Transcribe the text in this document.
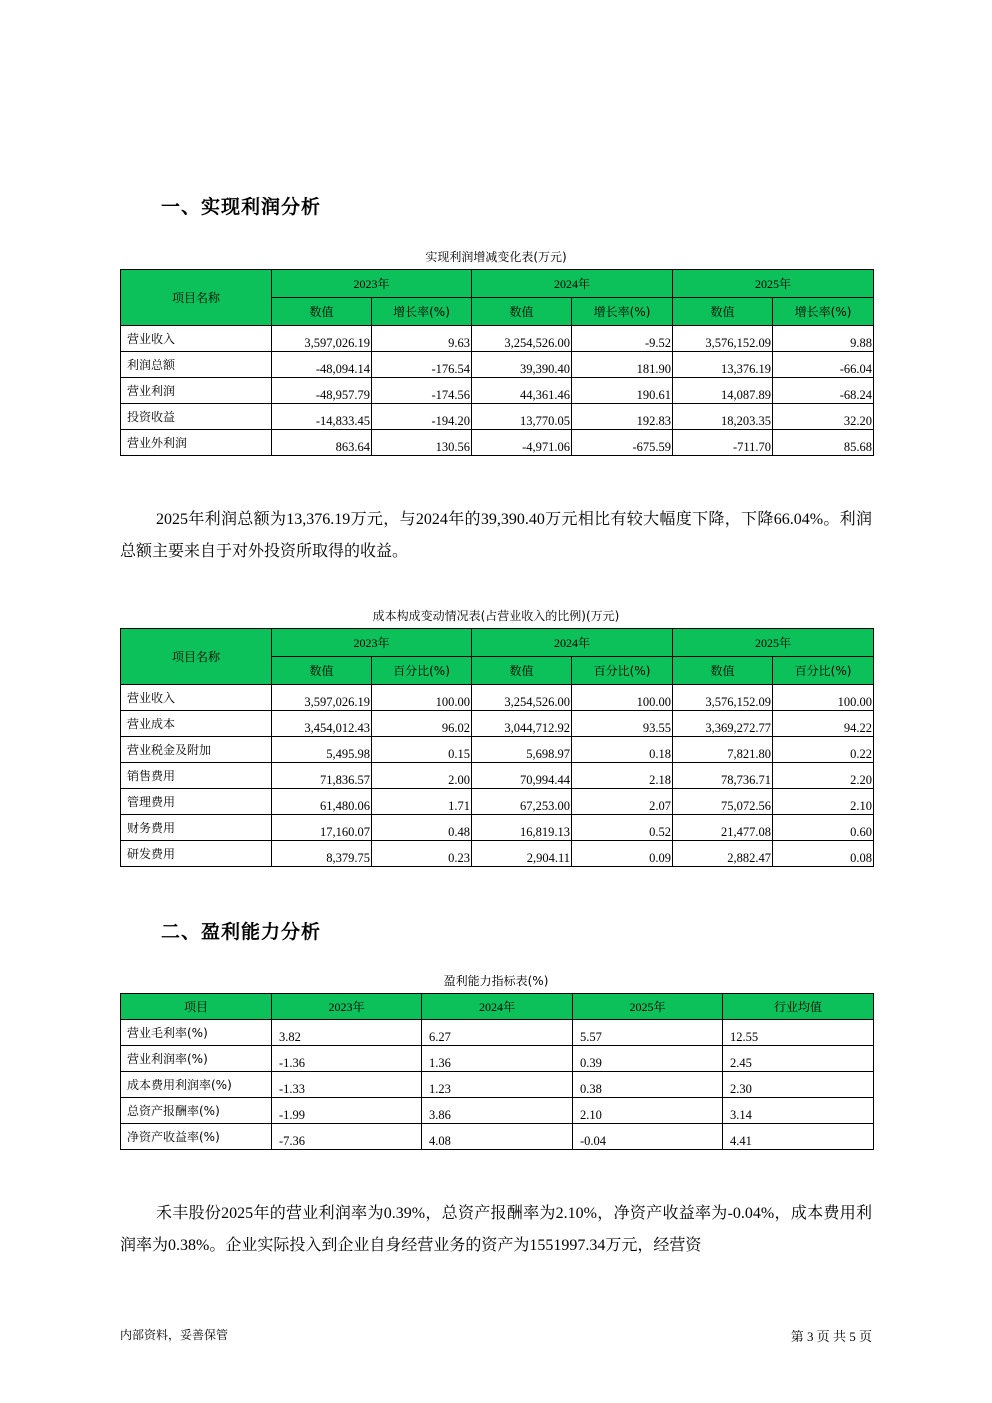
一、实现利润分析
实现利润增减变化表(万元)
项目名称	2023年		2024年		2025年	
	数值	增长率(%)	数值	增长率(%)	数值	增长率(%)
营业收入	3,597,026.19	9.63	3,254,526.00	-9.52	3,576,152.09	9.88
利润总额	-48,094.14	-176.54	39,390.40	181.90	13,376.19	-66.04
营业利润	-48,957.79	-174.56	44,361.46	190.61	14,087.89	-68.24
投资收益	-14,833.45	-194.20	13,770.05	192.83	18,203.35	32.20
营业外利润	863.64	130.56	-4,971.06	-675.59	-711.70	85.68
2025年利润总额为13,376.19万元，与2024年的39,390.40万元相比有较大幅度下降，下降66.04%。利润总额主要来自于对外投资所取得的收益。
成本构成变动情况表(占营业收入的比例)(万元)
项目名称	2023年		2024年		2025年	
	数值	百分比(%)	数值	百分比(%)	数值	百分比(%)
营业收入	3,597,026.19	100.00	3,254,526.00	100.00	3,576,152.09	100.00
营业成本	3,454,012.43	96.02	3,044,712.92	93.55	3,369,272.77	94.22
营业税金及附加	5,495.98	0.15	5,698.97	0.18	7,821.80	0.22
销售费用	71,836.57	2.00	70,994.44	2.18	78,736.71	2.20
管理费用	61,480.06	1.71	67,253.00	2.07	75,072.56	2.10
财务费用	17,160.07	0.48	16,819.13	0.52	21,477.08	0.60
研发费用	8,379.75	0.23	2,904.11	0.09	2,882.47	0.08
二、盈利能力分析
盈利能力指标表(%)
项目	2023年	2024年	2025年	行业均值
营业毛利率(%)	3.82	6.27	5.57	12.55
营业利润率(%)	-1.36	1.36	0.39	2.45
成本费用利润率(%)	-1.33	1.23	0.38	2.30
总资产报酬率(%)	-1.99	3.86	2.10	3.14
净资产收益率(%)	-7.36	4.08	-0.04	4.41
禾丰股份2025年的营业利润率为0.39%，总资产报酬率为2.10%，净资产收益率为-0.04%，成本费用利润率为0.38%。企业实际投入到企业自身经营业务的资产为1551997.34万元，经营资
内部资料，妥善保管	第 3 页 共 5 页
